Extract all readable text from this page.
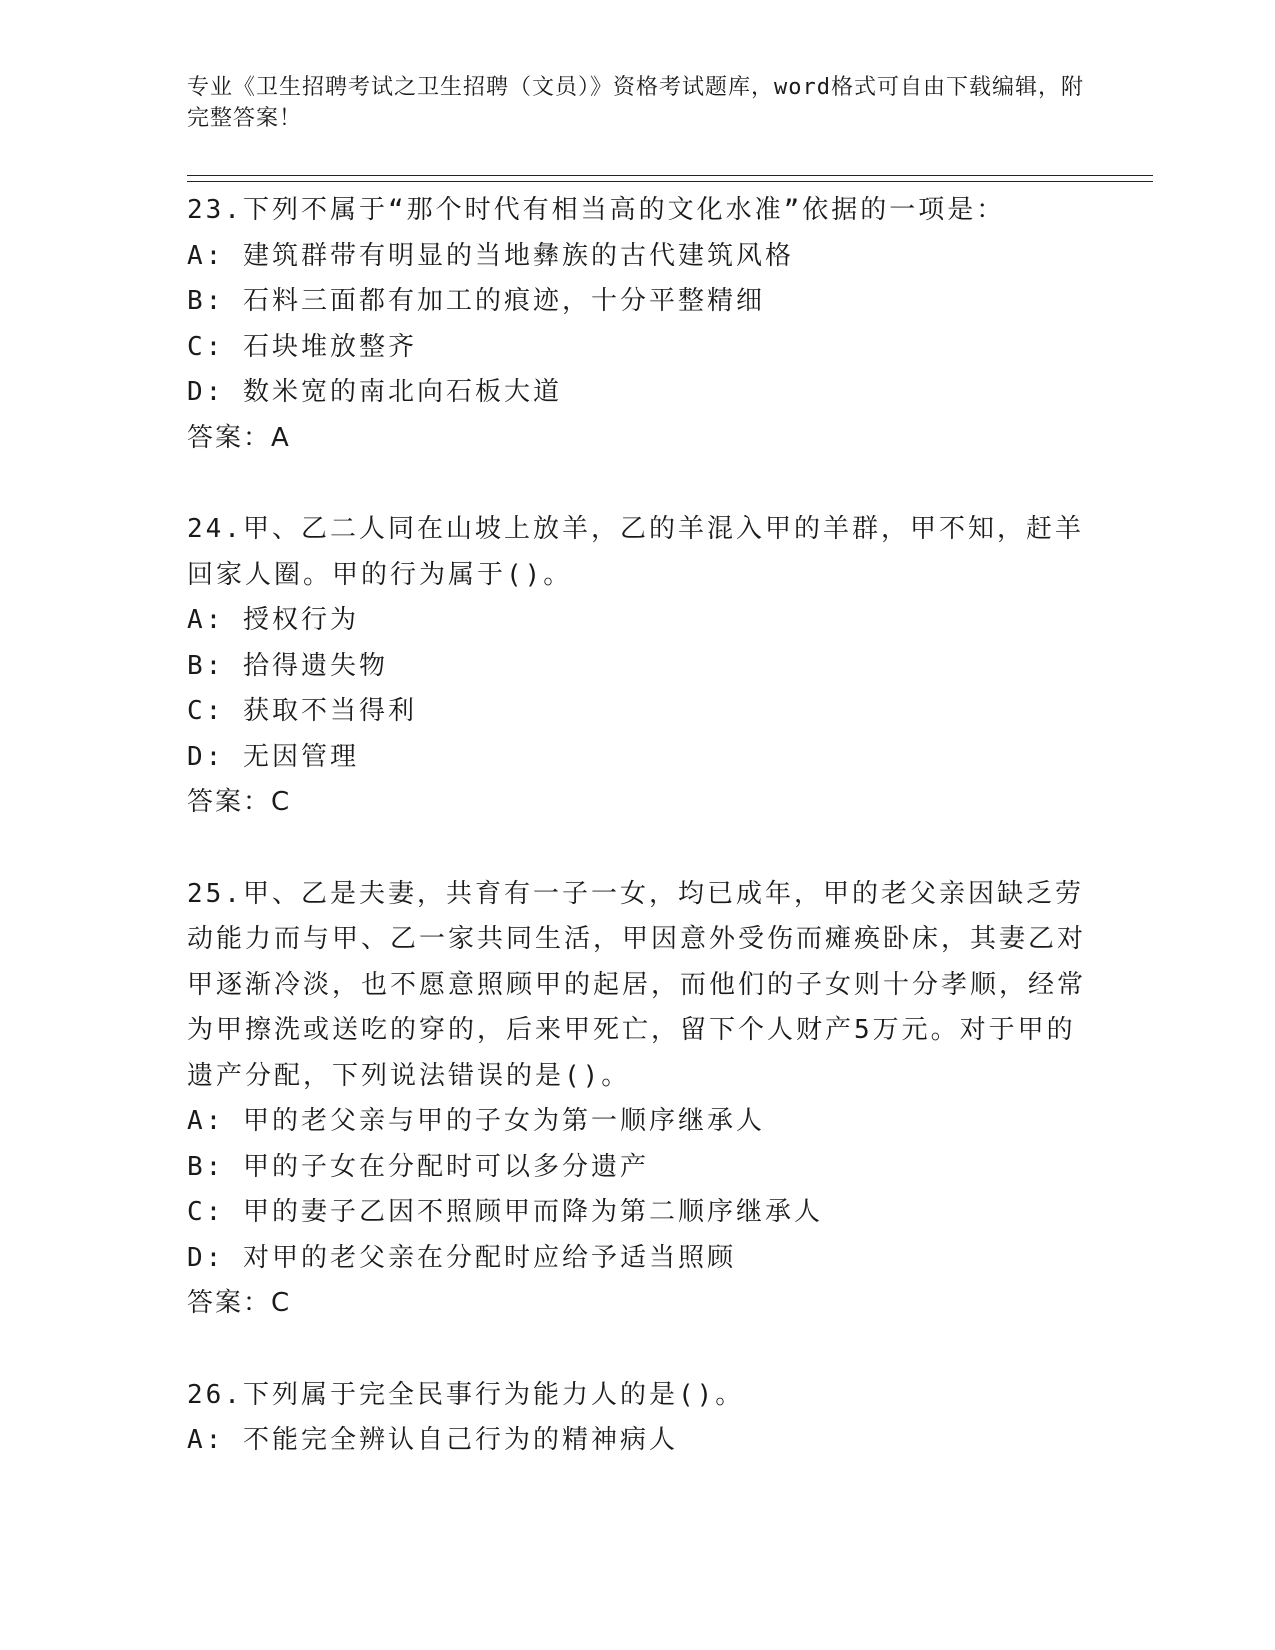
专业《卫生招聘考试之卫生招聘（文员）》资格考试题库，word格式可自由下载编辑，附完整答案！
23.下列不属于“那个时代有相当高的文化水准”依据的一项是：
A: 建筑群带有明显的当地彝族的古代建筑风格
B: 石料三面都有加工的痕迹，十分平整精细
C: 石块堆放整齐
D: 数米宽的南北向石板大道
答案：A
24.甲、乙二人同在山坡上放羊，乙的羊混入甲的羊群，甲不知，赶羊回家人圈。甲的行为属于()。
A: 授权行为
B: 拾得遗失物
C: 获取不当得利
D: 无因管理
答案：C
25.甲、乙是夫妻，共育有一子一女，均已成年，甲的老父亲因缺乏劳动能力而与甲、乙一家共同生活，甲因意外受伤而瘫痪卧床，其妻乙对甲逐渐冷淡，也不愿意照顾甲的起居，而他们的子女则十分孝顺，经常为甲擦洗或送吃的穿的，后来甲死亡，留下个人财产5万元。对于甲的遗产分配，下列说法错误的是()。
A: 甲的老父亲与甲的子女为第一顺序继承人
B: 甲的子女在分配时可以多分遗产
C: 甲的妻子乙因不照顾甲而降为第二顺序继承人
D: 对甲的老父亲在分配时应给予适当照顾
答案：C
26.下列属于完全民事行为能力人的是()。
A: 不能完全辨认自己行为的精神病人
